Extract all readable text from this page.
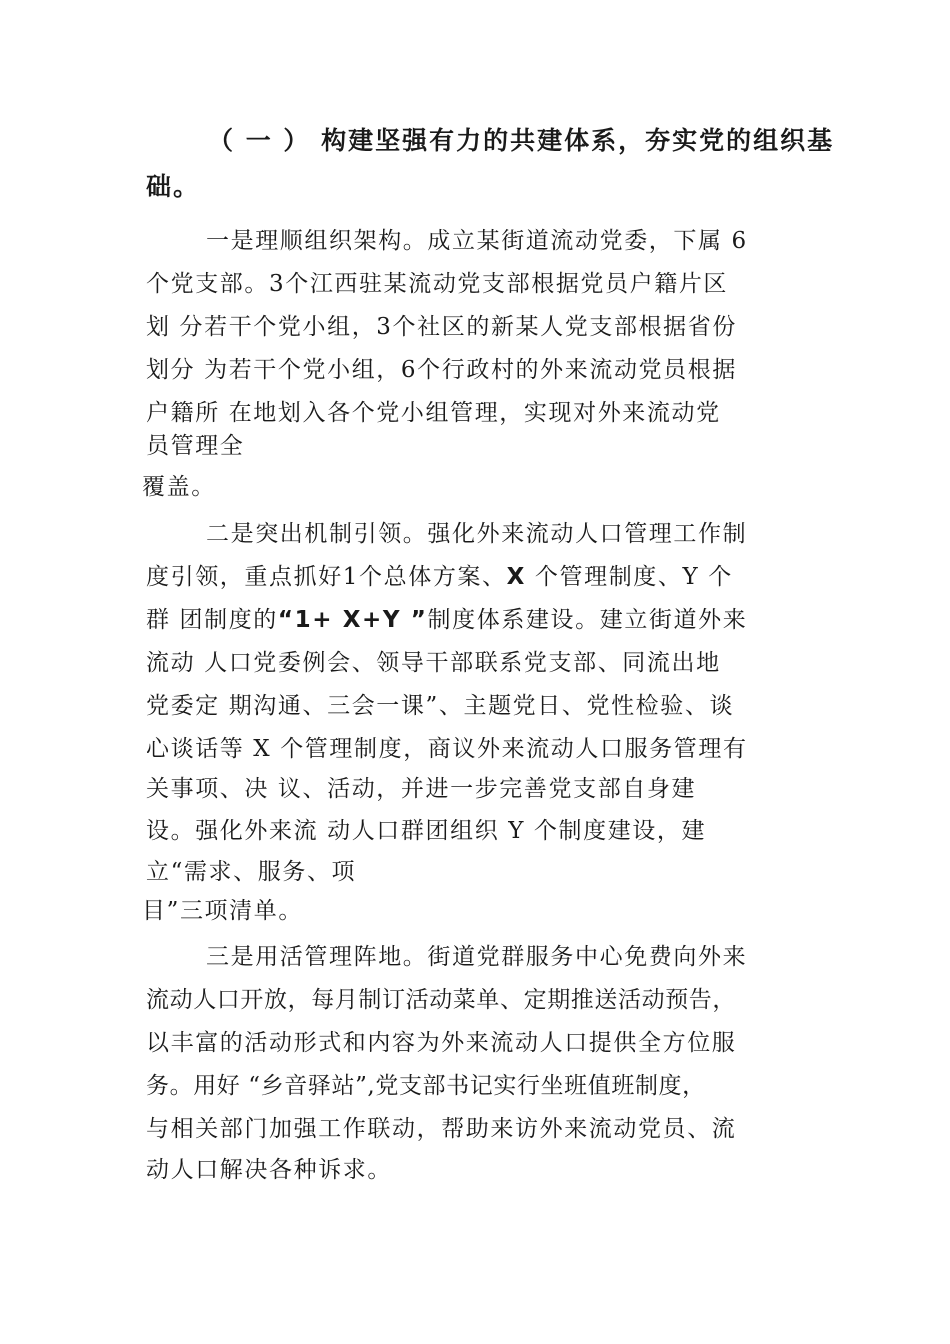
（ 一 ） 构建坚强有力的共建体系，夯实党的组织基
础。
一是理顺组织架构。成立某街道流动党委，下属 6
个党支部。3个江西驻某流动党支部根据党员户籍片区
划 分若干个党小组，3个社区的新某人党支部根据省份
划分 为若干个党小组，6个行政村的外来流动党员根据
户籍所 在地划入各个党小组管理，实现对外来流动党
员管理全
覆盖。
二是突出机制引领。强化外来流动人口管理工作制
度引领，重点抓好1个总体方案、X 个管理制度、Y 个
群 团制度的“1+ X+Y ”制度体系建设。建立街道外来
流动 人口党委例会、领导干部联系党支部、同流出地
党委定 期沟通、三会一课”、主题党日、党性检验、谈
心谈话等 X 个管理制度，商议外来流动人口服务管理有
关事项、决 议、活动，并进一步完善党支部自身建
设。强化外来流 动人口群团组织 Y 个制度建设，建
立“需求、服务、项
目”三项清单。
三是用活管理阵地。街道党群服务中心免费向外来
流动人口开放，每月制订活动菜单、定期推送活动预告，
以丰富的活动形式和内容为外来流动人口提供全方位服
务。用好 “乡音驿站”,党支部书记实行坐班值班制度，
与相关部门加强工作联动，帮助来访外来流动党员、流
动人口解决各种诉求。
